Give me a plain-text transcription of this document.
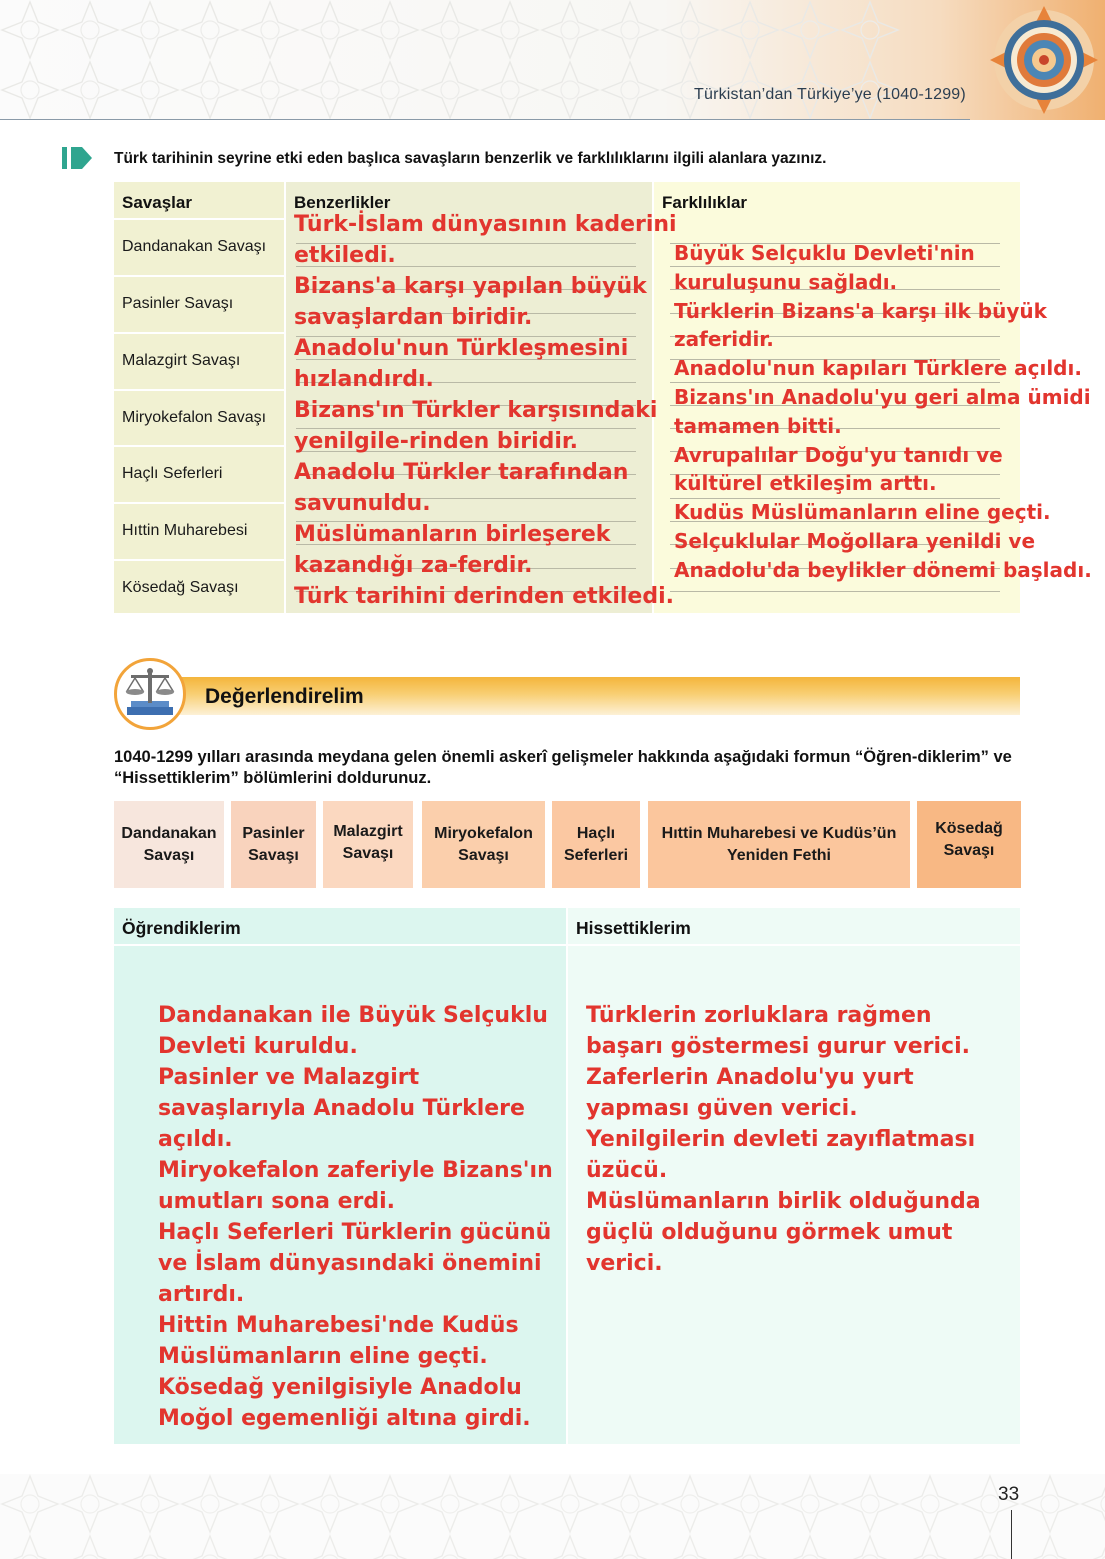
Türkistan’dan Türkiye’ye (1040-1299)
Türk tarihinin seyrine etki eden başlıca savaşların benzerlik ve farklılıklarını ilgili alanlara yazınız.
Savaşlar
Dandanakan Savaşı
Pasinler Savaşı
Malazgirt Savaşı
Miryokefalon Savaşı
Haçlı Seferleri
Hıttin Muharebesi
Kösedağ Savaşı
Benzerlikler	Farklılıklar
Türk-İslam dünyasının kaderini
etkiledi.
Bizans'a karşı yapılan büyük
savaşlardan biridir.
Anadolu'nun Türkleşmesini
hızlandırdı.
Bizans'ın Türkler karşısındaki
yenilgile-rinden biridir.
Anadolu Türkler tarafından
savunuldu.
Müslümanların birleşerek
kazandığı za-ferdir.
Türk tarihini derinden etkiledi.
Büyük Selçuklu Devleti'nin
kuruluşunu sağladı.
Türklerin Bizans'a karşı ilk büyük
zaferidir.
Anadolu'nun kapıları Türklere açıldı.
Bizans'ın Anadolu'yu geri alma ümidi
tamamen bitti.
Avrupalılar Doğu'yu tanıdı ve
kültürel etkileşim arttı.
Kudüs Müslümanların eline geçti.
Selçuklular Moğollara yenildi ve
Anadolu'da beylikler dönemi başladı.
Değerlendirelim
1040-1299 yılları arasında meydana gelen önemli askerî gelişmeler hakkında aşağıdaki formun “Öğren-diklerim” ve “Hissettiklerim” bölümlerini doldurunuz.
Dandanakan
Savaşı
Pasinler
Savaşı
Malazgirt
Savaşı
Miryokefalon
Savaşı
Haçlı
Seferleri
Hıttin Muharebesi ve Kudüs’ün
Yeniden Fethi
Kösedağ
Savaşı
Öğrendiklerim	Hissettiklerim
Dandanakan ile Büyük Selçuklu
Devleti kuruldu.
Pasinler ve Malazgirt
savaşlarıyla Anadolu Türklere
açıldı.
Miryokefalon zaferiyle Bizans'ın
umutları sona erdi.
Haçlı Seferleri Türklerin gücünü
ve İslam dünyasındaki önemini
artırdı.
Hittin Muharebesi'nde Kudüs
Müslümanların eline geçti.
Kösedağ yenilgisiyle Anadolu
Moğol egemenliği altına girdi.
Türklerin zorluklara rağmen
başarı göstermesi gurur verici.
Zaferlerin Anadolu'yu yurt
yapması güven verici.
Yenilgilerin devleti zayıflatması
üzücü.
Müslümanların birlik olduğunda
güçlü olduğunu görmek umut
verici.
33
